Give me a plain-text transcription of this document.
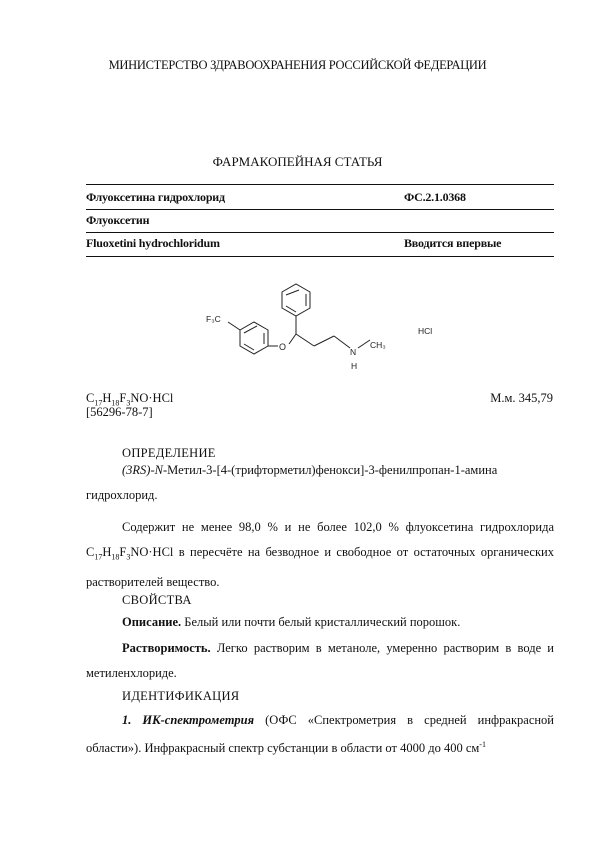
МИНИСТЕРСТВО ЗДРАВООХРАНЕНИЯ РОССИЙСКОЙ ФЕДЕРАЦИИ
ФАРМАКОПЕЙНАЯ СТАТЬЯ
Флуоксетина гидрохлорид	ФС.2.1.0368
Флуоксетин
Fluoxetini hydrochloridum	Вводится впервые
F₃C
O	N
H
CH₃
HCl
$C_{17}H_{18}F_3NO\cdot HCl$	М.м. 345,79
[56296-78-7]
ОПРЕДЕЛЕНИЕ
(3RS)-N-Метил-3-[4-(трифторметил)фенокси]-3-фенилпропан-1-амина
гидрохлорид.
Содержит не менее 98,0 % и не более 102,0 % флуоксетина гидрохлорида $C_{17}H_{18}F_3NO\cdot HCl$ в пересчёте на безводное и свободное от остаточных органических растворителей вещество.
СВОЙСТВА
Описание. Белый или почти белый кристаллический порошок.
Растворимость. Легко растворим в метаноле, умеренно растворим в воде и метиленхлориде.
ИДЕНТИФИКАЦИЯ
1. ИК-спектрометрия (ОФС «Спектрометрия в средней инфракрасной области»). Инфракрасный спектр субстанции в области от 4000 до 400 $см^{-1}$
